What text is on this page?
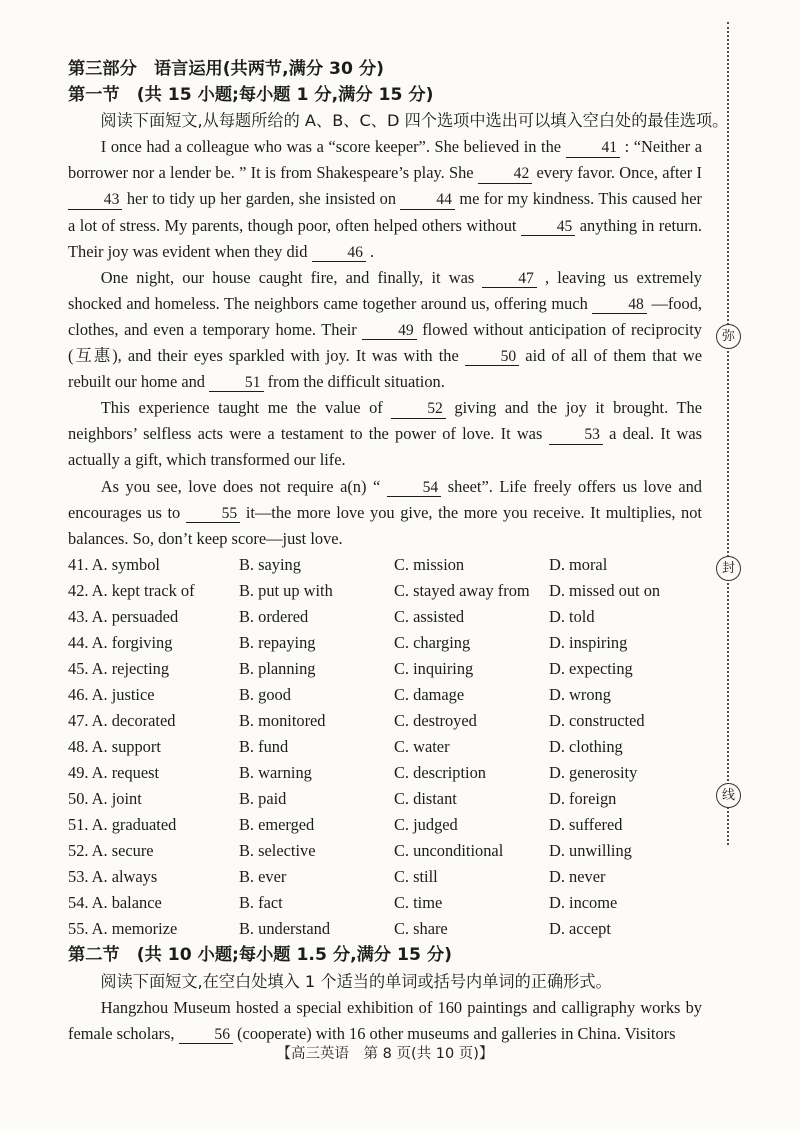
第三部分　语言运用(共两节,满分 30 分)
第一节　(共 15 小题;每小题 1 分,满分 15 分)

阅读下面短文,从每题所给的 A、B、C、D 四个选项中选出可以填入空白处的最佳选项。

I once had a colleague who was a “score keeper”. She believed in the 41 : “Neither a borrower nor a lender be. ” It is from Shakespeare’s play. She 42 every favor. Once, after I 43 her to tidy up her garden, she insisted on 44 me for my kindness. This caused her a lot of stress. My parents, though poor, often helped others without 45 anything in return. Their joy was evident when they did 46 .

One night, our house caught fire, and finally, it was 47 , leaving us extremely shocked and homeless. The neighbors came together around us, offering much 48 —food, clothes, and even a temporary home. Their 49 flowed without anticipation of reciprocity (互惠), and their eyes sparkled with joy. It was with the 50 aid of all of them that we rebuilt our home and 51 from the difficult situation.

This experience taught me the value of 52 giving and the joy it brought. The neighbors’ selfless acts were a testament to the power of love. It was 53 a deal. It was actually a gift, which transformed our life.

As you see, love does not require a(n) “ 54 sheet”. Life freely offers us love and encourages us to 55 it—the more love you give, the more you receive. It multiplies, not balances. So, don’t keep score—just love.

41. A. symbol	B. saying	C. mission	D. moral
42. A. kept track of	B. put up with	C. stayed away from	D. missed out on
43. A. persuaded	B. ordered	C. assisted	D. told
44. A. forgiving	B. repaying	C. charging	D. inspiring
45. A. rejecting	B. planning	C. inquiring	D. expecting
46. A. justice	B. good	C. damage	D. wrong
47. A. decorated	B. monitored	C. destroyed	D. constructed
48. A. support	B. fund	C. water	D. clothing
49. A. request	B. warning	C. description	D. generosity
50. A. joint	B. paid	C. distant	D. foreign
51. A. graduated	B. emerged	C. judged	D. suffered
52. A. secure	B. selective	C. unconditional	D. unwilling
53. A. always	B. ever	C. still	D. never
54. A. balance	B. fact	C. time	D. income
55. A. memorize	B. understand	C. share	D. accept
第二节　(共 10 小题;每小题 1.5 分,满分 15 分)

阅读下面短文,在空白处填入 1 个适当的单词或括号内单词的正确形式。

Hangzhou Museum hosted a special exhibition of 160 paintings and calligraphy works by female scholars, 56 (cooperate) with 16 other museums and galleries in China. Visitors

【高三英语　第 8 页(共 10 页)】
弥
封
线
